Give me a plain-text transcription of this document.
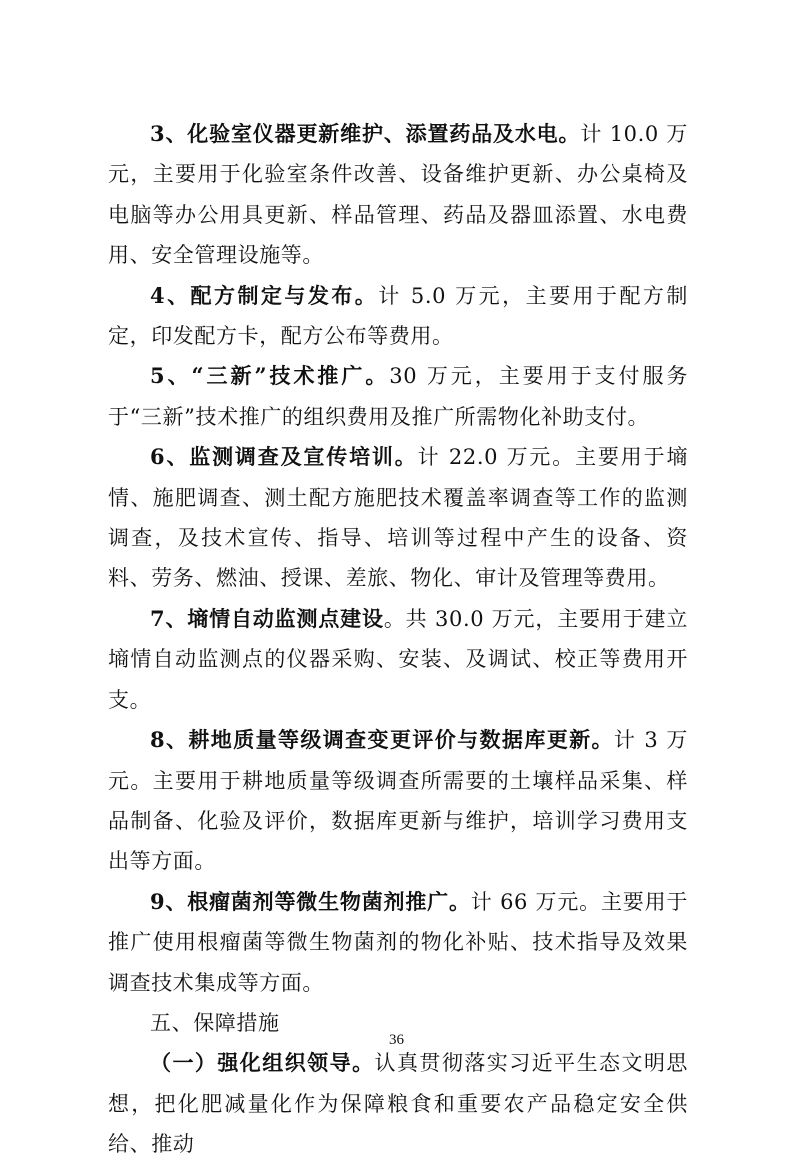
3、化验室仪器更新维护、添置药品及水电。计 10.0 万元，主要用于化验室条件改善、设备维护更新、办公桌椅及电脑等办公用具更新、样品管理、药品及器皿添置、水电费用、安全管理设施等。

4、配方制定与发布。计 5.0 万元，主要用于配方制定，印发配方卡，配方公布等费用。

5、“三新”技术推广。30 万元，主要用于支付服务于“三新”技术推广的组织费用及推广所需物化补助支付。

6、监测调查及宣传培训。计 22.0 万元。主要用于墒情、施肥调查、测土配方施肥技术覆盖率调查等工作的监测调查，及技术宣传、指导、培训等过程中产生的设备、资料、劳务、燃油、授课、差旅、物化、审计及管理等费用。

7、墒情自动监测点建设。共 30.0 万元，主要用于建立墒情自动监测点的仪器采购、安装、及调试、校正等费用开支。

8、耕地质量等级调查变更评价与数据库更新。计 3 万元。主要用于耕地质量等级调查所需要的土壤样品采集、样品制备、化验及评价，数据库更新与维护，培训学习费用支出等方面。

9、根瘤菌剂等微生物菌剂推广。计 66 万元。主要用于推广使用根瘤菌等微生物菌剂的物化补贴、技术指导及效果调查技术集成等方面。

五、保障措施

（一）强化组织领导。认真贯彻落实习近平生态文明思想，把化肥减量化作为保障粮食和重要农产品稳定安全供给、推动

36
